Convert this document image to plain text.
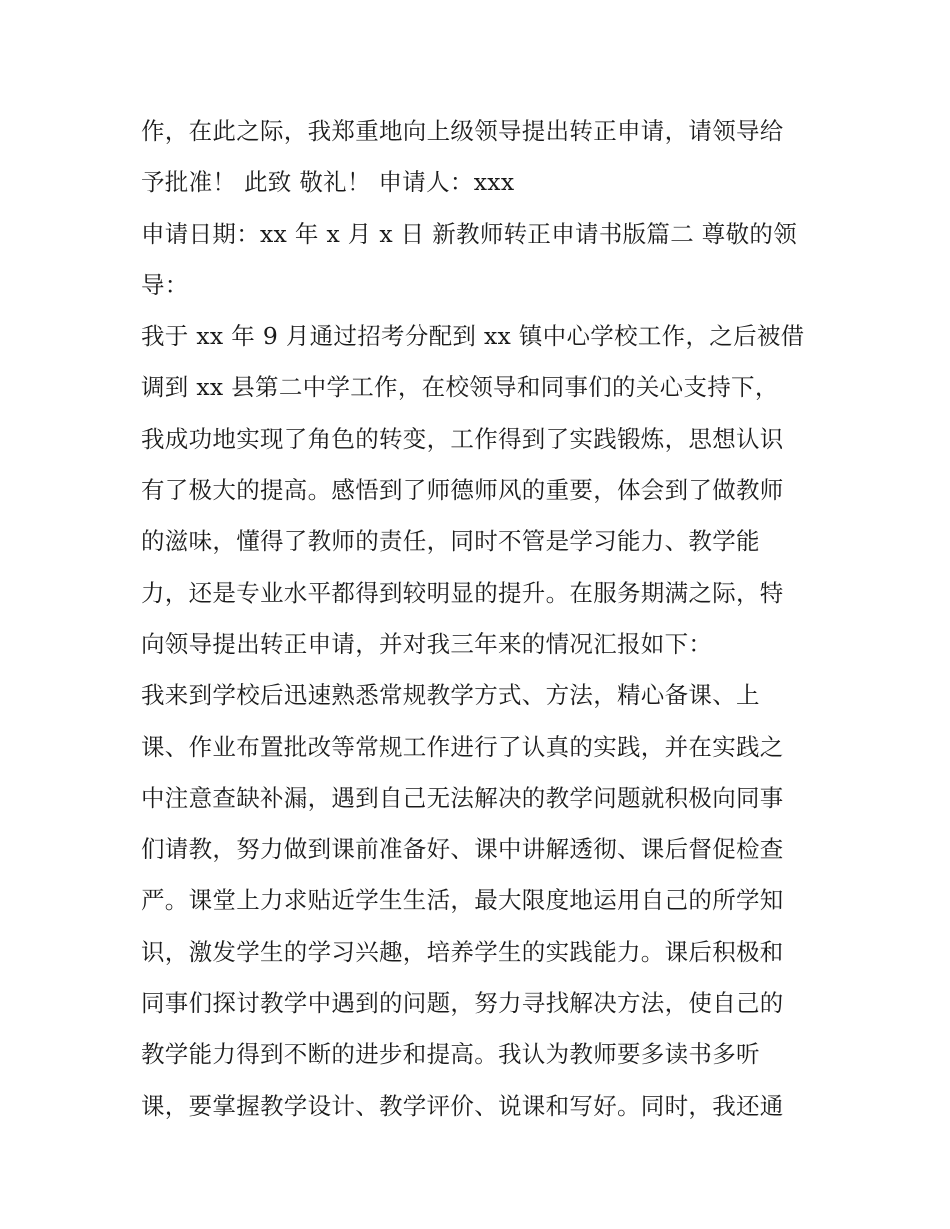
作，在此之际，我郑重地向上级领导提出转正申请，请领导给
予批准！ 此致 敬礼！ 申请人：xxx
申请日期：xx 年 x 月 x 日 新教师转正申请书版篇二 尊敬的领
导：
我于 xx 年 9 月通过招考分配到 xx 镇中心学校工作，之后被借
调到 xx 县第二中学工作，在校领导和同事们的关心支持下，
我成功地实现了角色的转变，工作得到了实践锻炼，思想认识
有了极大的提高。感悟到了师德师风的重要，体会到了做教师
的滋味，懂得了教师的责任，同时不管是学习能力、教学能
力，还是专业水平都得到较明显的提升。在服务期满之际，特
向领导提出转正申请，并对我三年来的情况汇报如下：
我来到学校后迅速熟悉常规教学方式、方法，精心备课、上
课、作业布置批改等常规工作进行了认真的实践，并在实践之
中注意查缺补漏，遇到自己无法解决的教学问题就积极向同事
们请教，努力做到课前准备好、课中讲解透彻、课后督促检查
严。课堂上力求贴近学生生活，最大限度地运用自己的所学知
识，激发学生的学习兴趣，培养学生的实践能力。课后积极和
同事们探讨教学中遇到的问题，努力寻找解决方法，使自己的
教学能力得到不断的进步和提高。我认为教师要多读书多听
课，要掌握教学设计、教学评价、说课和写好。同时，我还通
